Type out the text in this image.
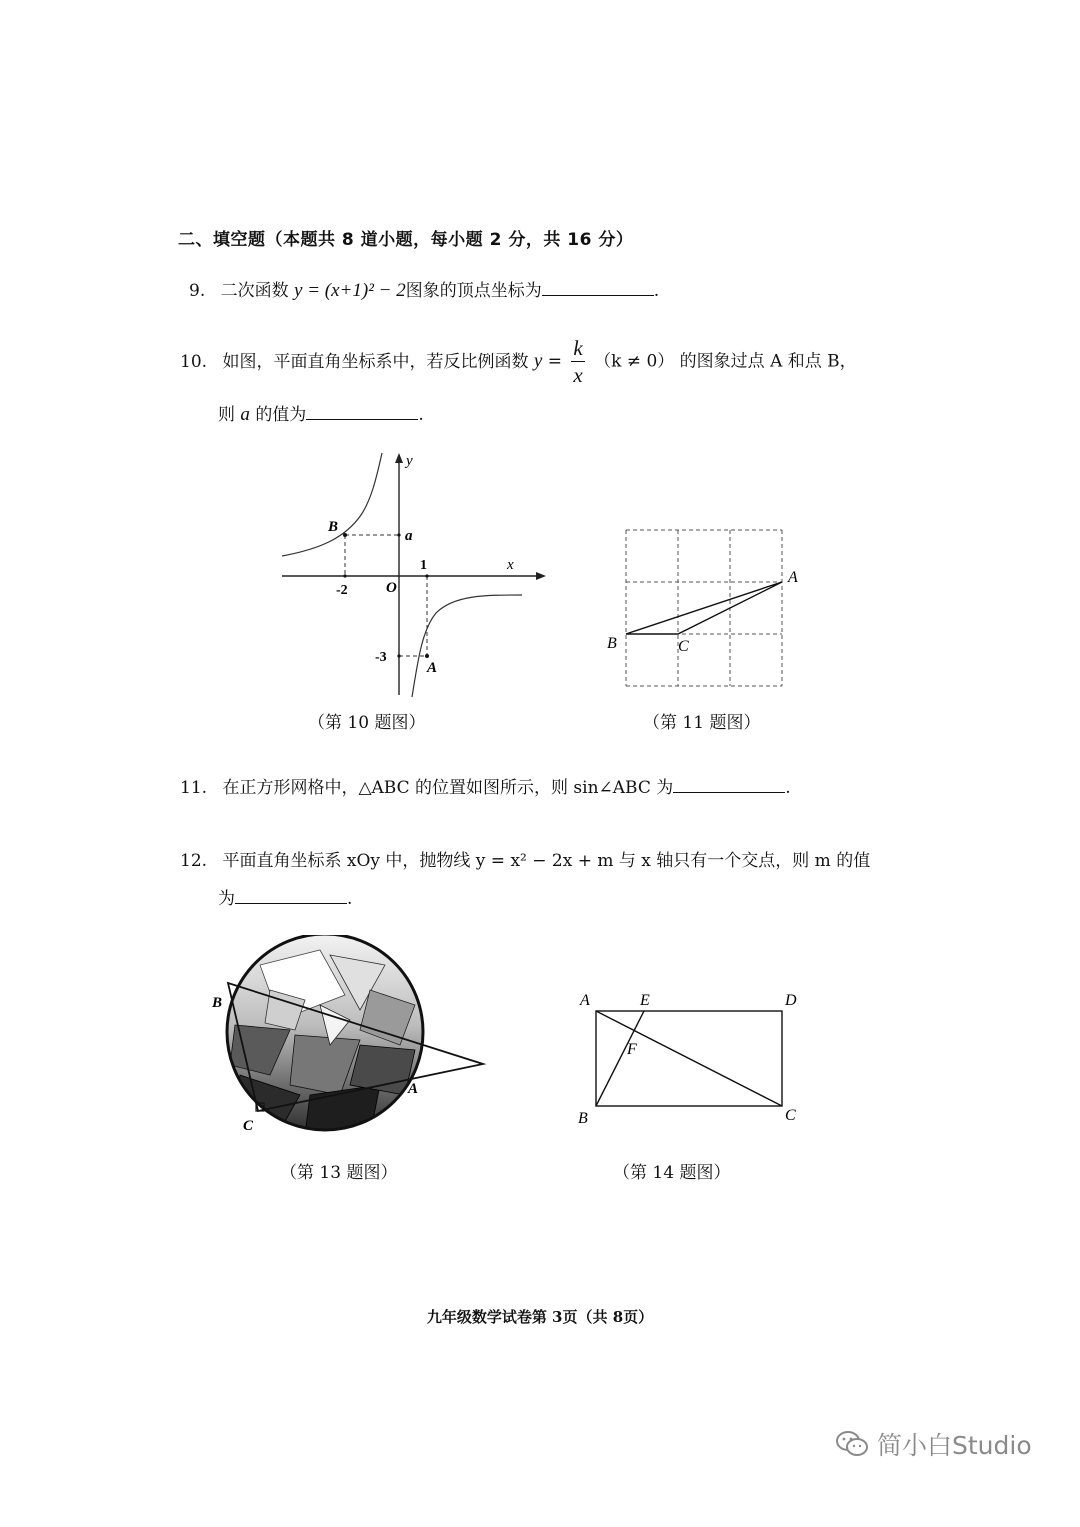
二、填空题（本题共 8 道小题，每小题 2 分，共 16 分）
9. 二次函数 y = (x+1)² − 2图象的顶点坐标为	.
10. 如图，平面直角坐标系中，若反比例函数 $y = \frac{k}{x} (k \ne 0)$ 的图象过点 A 和点 B，
则 a 的值为	.
y
x
B
a
1
O
-2
-3
A
（第 10 题图）
A
B	C
（第 11 题图）
11. 在正方形网格中，△ABC 的位置如图所示，则 sin∠ABC 为	.
12. 平面直角坐标系 xOy 中，抛物线 y = x² − 2x + m 与 x 轴只有一个交点，则 m 的值
为	.
B
A
C
（第 13 题图）
A	E	D
F
B	C
（第 14 题图）
九年级数学试卷第 3页（共 8页）
简小白Studio
